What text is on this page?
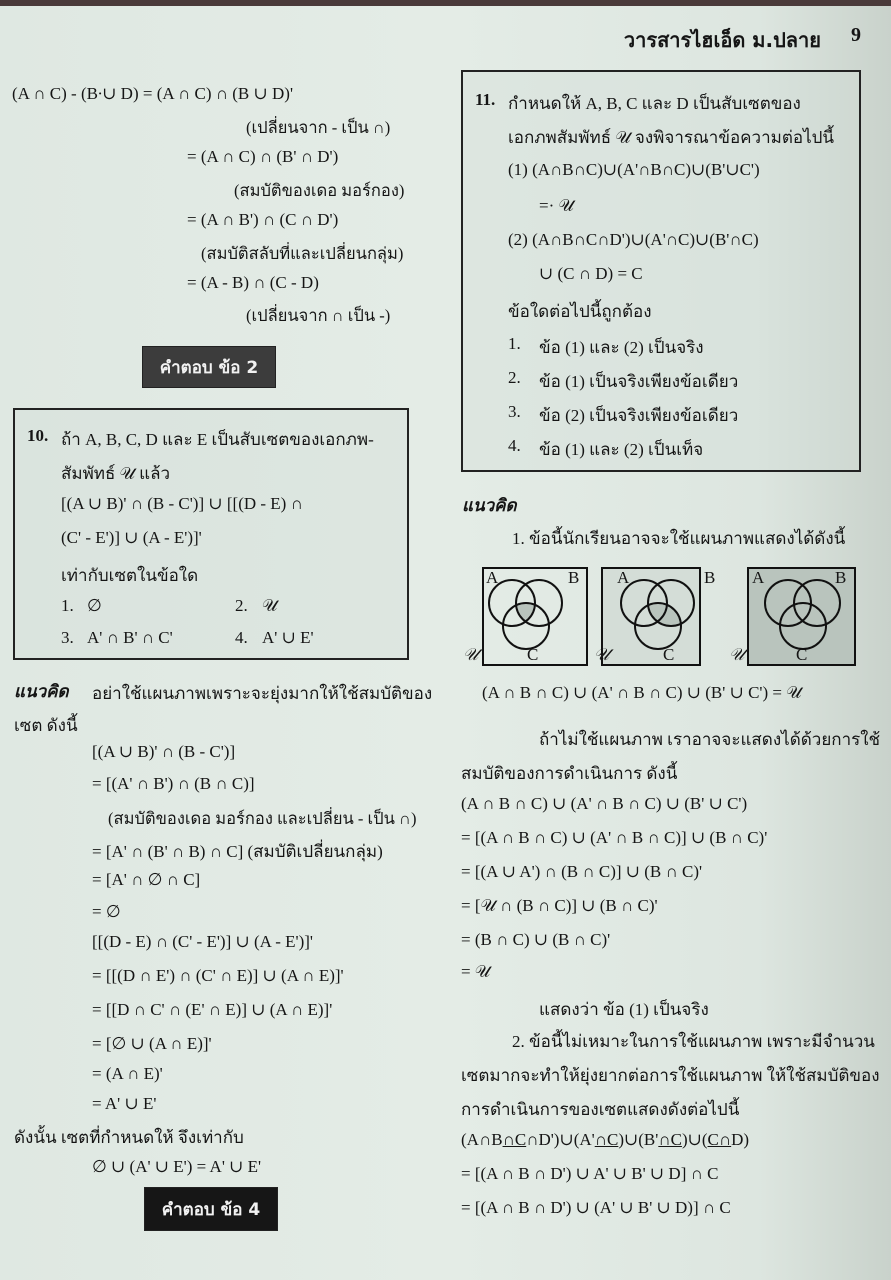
วารสารไฮเอ็ด ม.ปลาย 9
(A ∩ C) - (B∙∪ D) = (A ∩ C) ∩ (B ∪ D)'
(เปลี่ยนจาก - เป็น ∩)
= (A ∩ C) ∩ (B' ∩ D')
(สมบัติของเดอ มอร์กอง)
= (A ∩ B') ∩ (C ∩ D')
(สมบัติสลับที่และเปลี่ยนกลุ่ม)
= (A - B) ∩ (C - D)
(เปลี่ยนจาก ∩ เป็น -)
คำตอบ ข้อ 2
10. ถ้า A, B, C, D และ E เป็นสับเซตของเอกภพ-
สัมพัทธ์ 𝒰 แล้ว
[(A ∪ B)' ∩ (B - C')] ∪ [[(D - E) ∩
(C' - E')] ∪ (A - E')]'
เท่ากับเซตในข้อใด
1. ∅	2. 𝒰
3. A' ∩ B' ∩ C'	4. A' ∪ E'
แนวคิด อย่าใช้แผนภาพเพราะจะยุ่งมากให้ใช้สมบัติของ
เซต ดังนี้
[(A ∪ B)' ∩ (B - C')]
= [(A' ∩ B') ∩ (B ∩ C)]
(สมบัติของเดอ มอร์กอง และเปลี่ยน - เป็น ∩)
= [A' ∩ (B' ∩ B) ∩ C] (สมบัติเปลี่ยนกลุ่ม)
= [A' ∩ ∅ ∩ C]
= ∅
[[(D - E) ∩ (C' - E')] ∪ (A - E')]'
= [[(D ∩ E') ∩ (C' ∩ E)] ∪ (A ∩ E)]'
= [[D ∩ C' ∩ (E' ∩ E)] ∪ (A ∩ E)]'
= [∅ ∪ (A ∩ E)]'
= (A ∩ E)'
= A' ∪ E'
ดังนั้น เซตที่กำหนดให้ จึงเท่ากับ
∅ ∪ (A' ∪ E') = A' ∪ E'
คำตอบ ข้อ 4
11. กำหนดให้ A, B, C และ D เป็นสับเซตของ
เอกภพสัมพัทธ์ 𝒰 จงพิจารณาข้อความต่อไปนี้
(1) (A∩B∩C)∪(A'∩B∩C)∪(B'∪C')
=· 𝒰
(2) (A∩B∩C∩D')∪(A'∩C)∪(B'∩C)
∪ (C ∩ D) = C
ข้อใดต่อไปนี้ถูกต้อง
1. ข้อ (1) และ (2) เป็นจริง
2. ข้อ (1) เป็นจริงเพียงข้อเดียว
3. ข้อ (2) เป็นจริงเพียงข้อเดียว
4. ข้อ (1) และ (2) เป็นเท็จ
แนวคิด
1. ข้อนี้นักเรียนอาจจะใช้แผนภาพแสดงได้ดังนี้
A	B
C
𝒰
A	B
C
𝒰
A	B
C
𝒰
(A ∩ B ∩ C) ∪ (A' ∩ B ∩ C) ∪ (B' ∪ C') = 𝒰
ถ้าไม่ใช้แผนภาพ เราอาจจะแสดงได้ด้วยการใช้
สมบัติของการดำเนินการ ดังนี้
(A ∩ B ∩ C) ∪ (A' ∩ B ∩ C) ∪ (B' ∪ C')
= [(A ∩ B ∩ C) ∪ (A' ∩ B ∩ C)] ∪ (B ∩ C)'
= [(A ∪ A') ∩ (B ∩ C)] ∪ (B ∩ C)'
= [𝒰 ∩ (B ∩ C)] ∪ (B ∩ C)'
= (B ∩ C) ∪ (B ∩ C)'
= 𝒰
แสดงว่า ข้อ (1) เป็นจริง
2. ข้อนี้ไม่เหมาะในการใช้แผนภาพ เพราะมีจำนวน
เซตมากจะทำให้ยุ่งยากต่อการใช้แผนภาพ ให้ใช้สมบัติของ
การดำเนินการของเซตแสดงดังต่อไปนี้
(A∩B∩C∩D')∪(A'∩C)∪(B'∩C)∪(C∩D)
= [(A ∩ B ∩ D') ∪ A' ∪ B' ∪ D] ∩ C
= [(A ∩ B ∩ D') ∪ (A' ∪ B' ∪ D)] ∩ C
